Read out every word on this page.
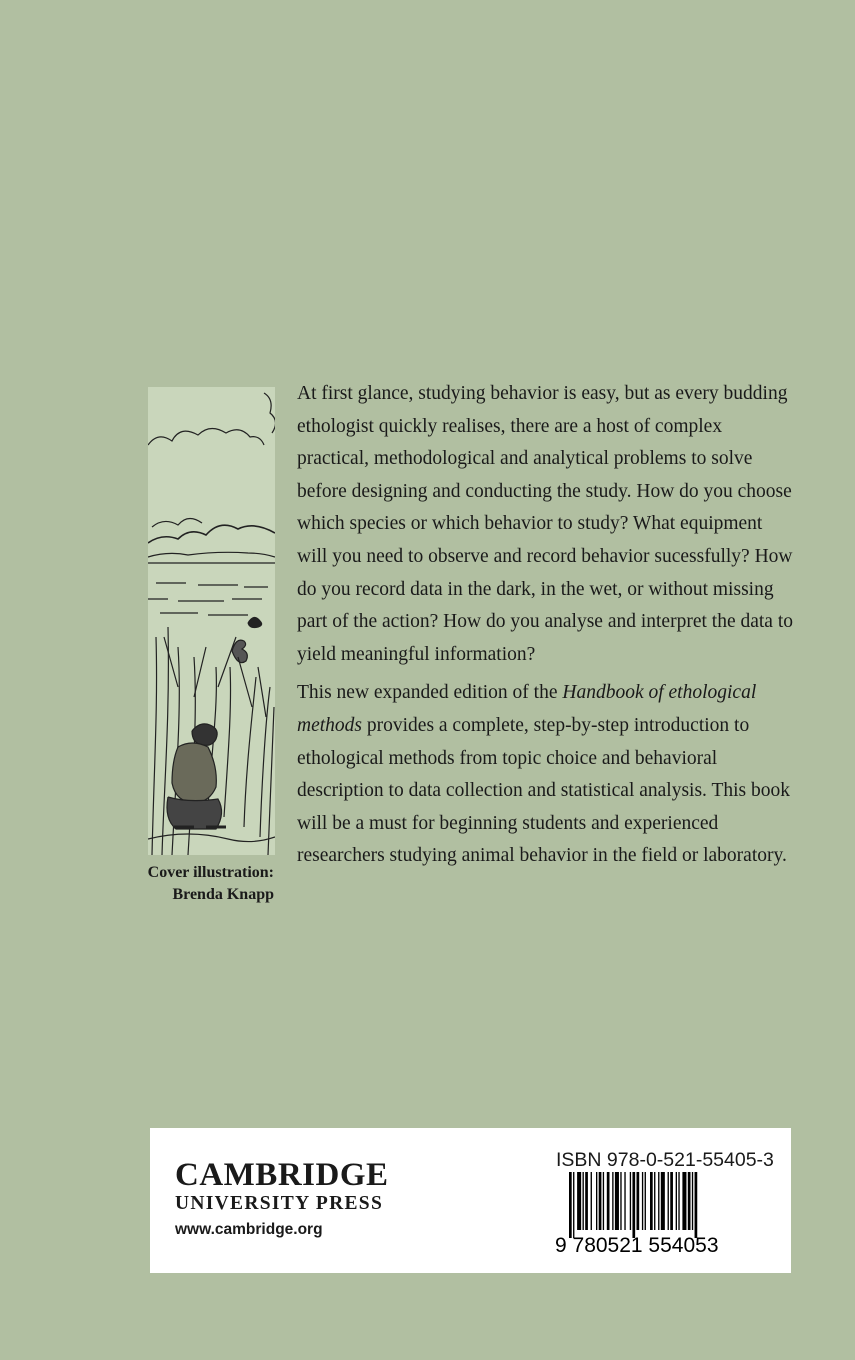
Cover illustration:
Brenda Knapp

At first glance, studying behavior is easy, but as every budding ethologist quickly realises, there are a host of complex practical, methodological and analytical problems to solve before designing and conducting the study. How do you choose which species or which behavior to study? What equipment will you need to observe and record behavior sucessfully? How do you record data in the dark, in the wet, or without missing part of the action? How do you analyse and interpret the data to yield meaningful information?

This new expanded edition of the Handbook of ethological methods provides a complete, step-by-step introduction to ethological methods from topic choice and behavioral description to data collection and statistical analysis. This book will be a must for beginning students and experienced researchers studying animal behavior in the field or laboratory.

CAMBRIDGE
UNIVERSITY PRESS
www.cambridge.org
ISBN 978-0-521-55405-3
9 780521 554053
